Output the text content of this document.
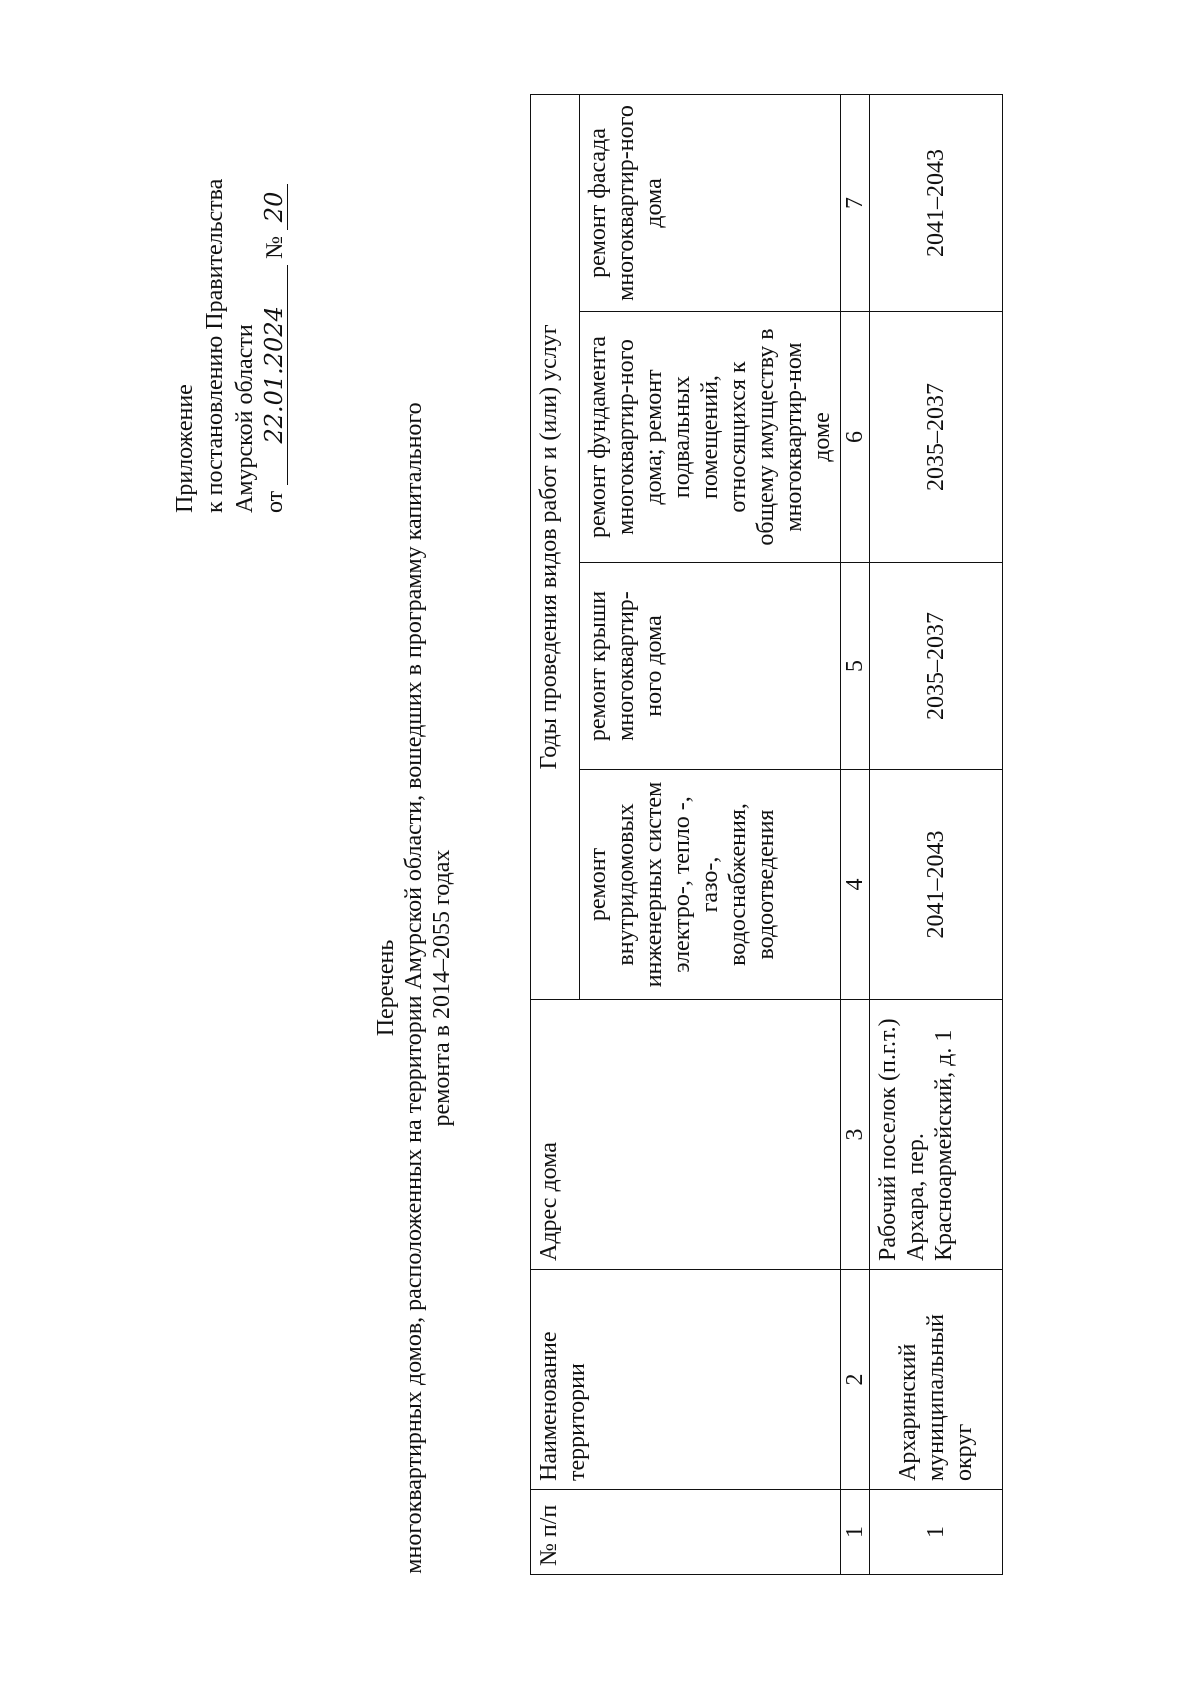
Приложение к постановлению Правительства Амурской области от 22.01.2024 № 20
Перечень многоквартирных домов, расположенных на территории Амурской области, вошедших в программу капитального ремонта в 2014–2055 годах
№ п/п	Наименование территории	Адрес дома	Годы проведения видов работ и (или) услуг			
			ремонт внутридомовых инженерных систем электро-, тепло -, газо-, водоснабжения, водоотведения	ремонт крыши многоквартир-ного дома	ремонт фундамента многоквартир-ного дома; ремонт подвальных помещений, относящихся к общему имуществу в многоквартир-ном доме	ремонт фасада многоквартир-ного дома
1	2	3	4	5	6	7
1	Архаринский муниципальный округ	Рабочий поселок (п.г.т.) Архара, пер. Красноармейский, д. 1	2041–2043	2035–2037	2035–2037	2041–2043
